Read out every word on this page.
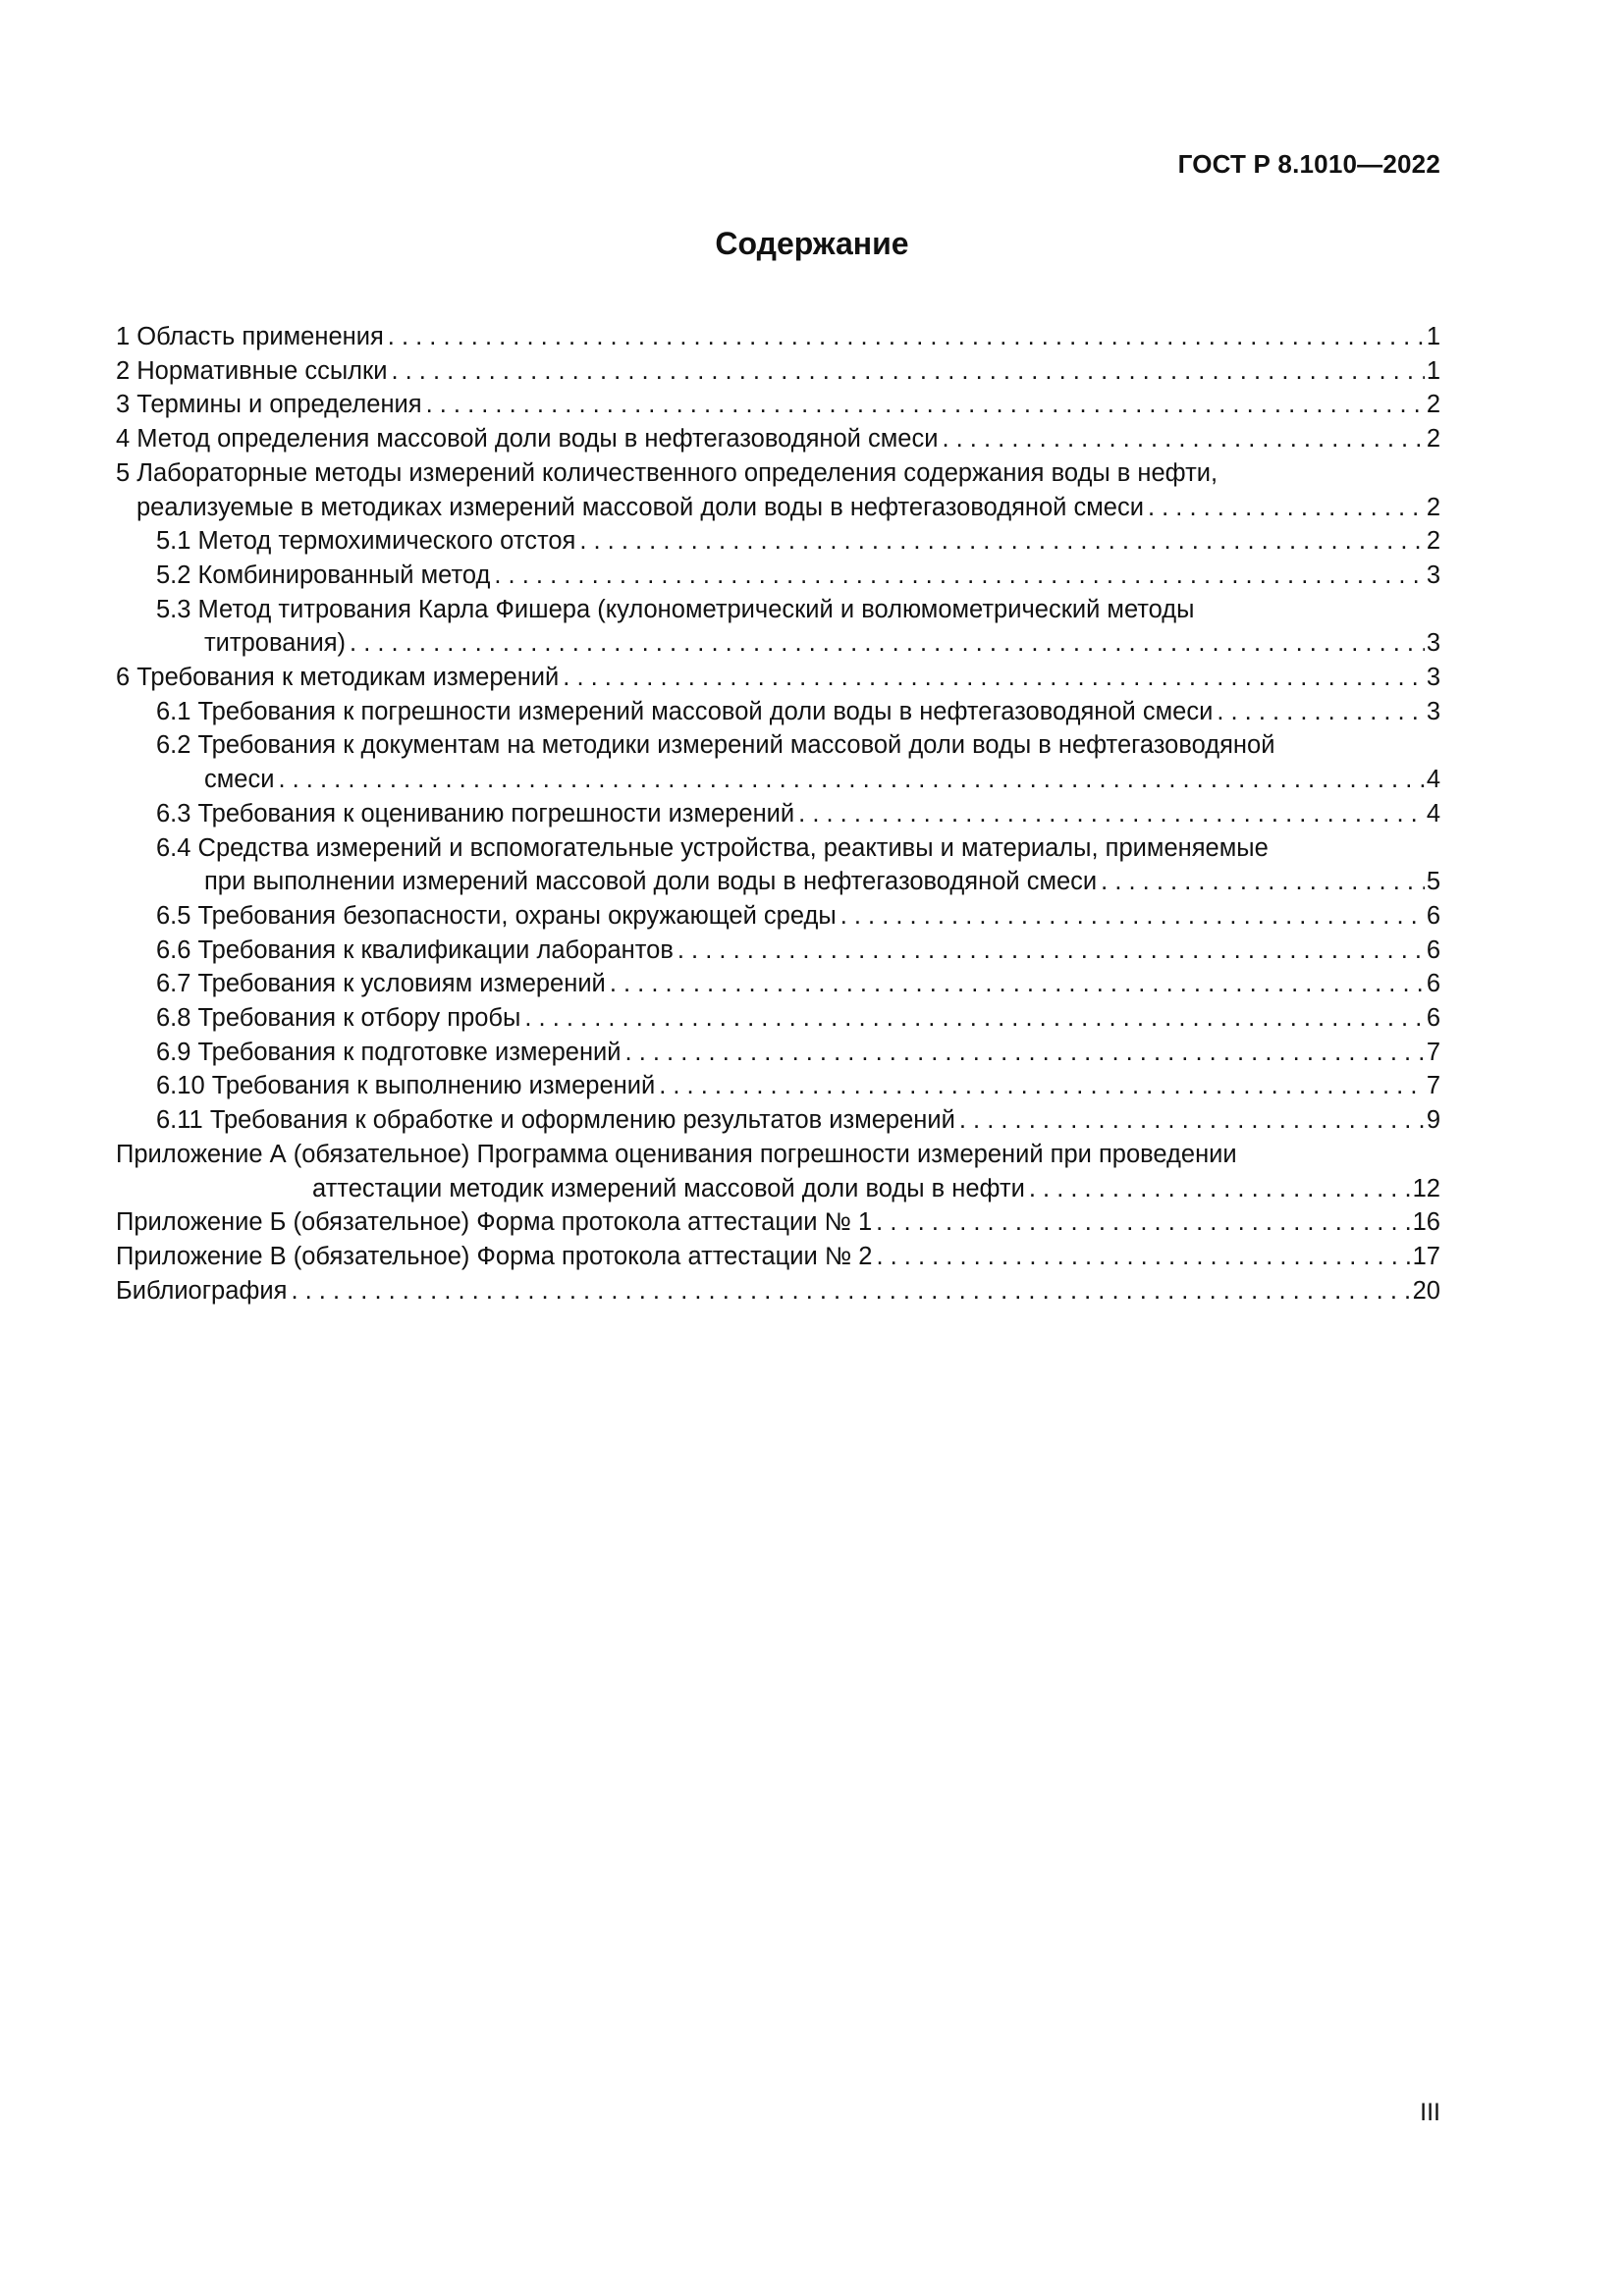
ГОСТ Р 8.1010—2022
Содержание
1 Область применения . . .	1
2 Нормативные ссылки . . .	1
3 Термины и определения . . .	2
4 Метод определения массовой доли воды в нефтегазоводяной смеси . . .	2
5 Лабораторные методы измерений количественного определения содержания воды в нефти,
реализуемые в методиках измерений массовой доли воды в нефтегазоводяной смеси . . .	2
5.1 Метод термохимического отстоя . . .	2
5.2 Комбинированный метод . . .	3
5.3 Метод титрования Карла Фишера (кулонометрический и волюмометрический методы
титрования) . . .	3
6 Требования к методикам измерений . . .	3
6.1 Требования к погрешности измерений массовой доли воды в нефтегазоводяной смеси . . .	3
6.2 Требования к документам на методики измерений массовой доли воды в нефтегазоводяной
смеси . . .	4
6.3 Требования к оцениванию погрешности измерений . . .	4
6.4 Средства измерений и вспомогательные устройства, реактивы и материалы, применяемые
при выполнении измерений массовой доли воды в нефтегазоводяной смеси . . .	5
6.5 Требования безопасности, охраны окружающей среды . . .	6
6.6 Требования к квалификации лаборантов . . .	6
6.7 Требования к условиям измерений . . .	6
6.8 Требования к отбору пробы . . .	6
6.9 Требования к подготовке измерений . . .	7
6.10 Требования к выполнению измерений . . .	7
6.11 Требования к обработке и оформлению результатов измерений . . .	9
Приложение А (обязательное) Программа оценивания погрешности измерений при проведении
аттестации методик измерений массовой доли воды в нефти . . .	12
Приложение Б (обязательное) Форма протокола аттестации № 1 . . .	16
Приложение В (обязательное) Форма протокола аттестации № 2 . . .	17
Библиография . . .	20
III
